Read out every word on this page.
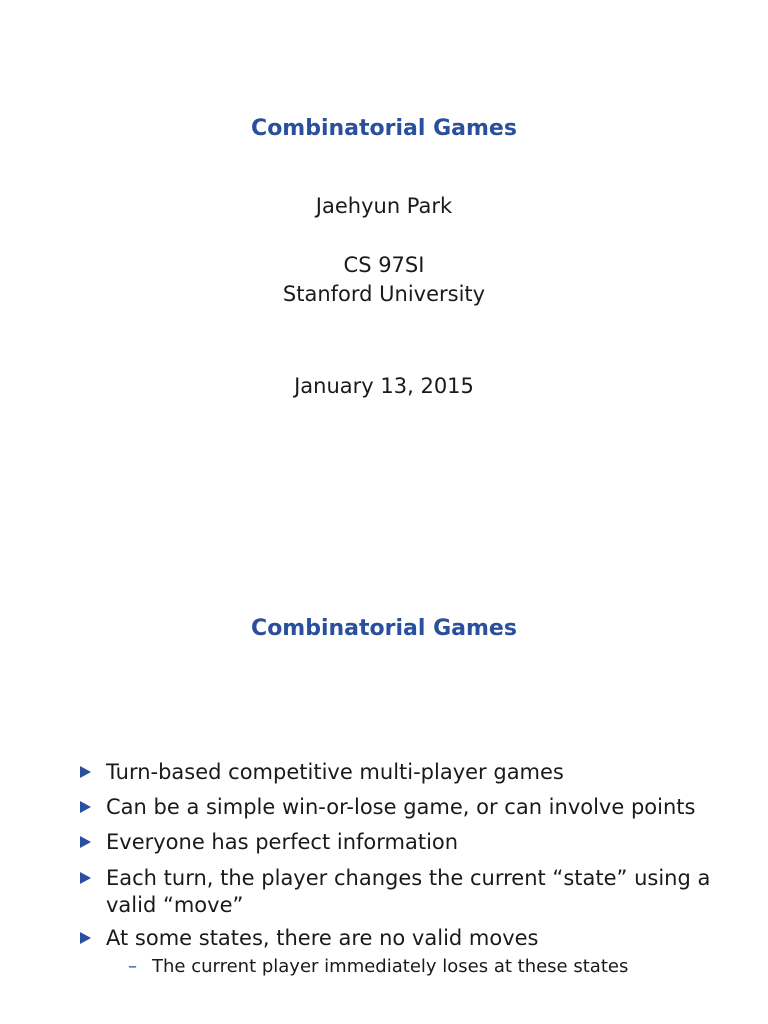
Combinatorial Games
Jaehyun Park
CS 97SI
Stanford University
January 13, 2015
Combinatorial Games
Turn-based competitive multi-player games
Can be a simple win-or-lose game, or can involve points
Everyone has perfect information
Each turn, the player changes the current “state” using a
valid “move”
At some states, there are no valid moves
– The current player immediately loses at these states
